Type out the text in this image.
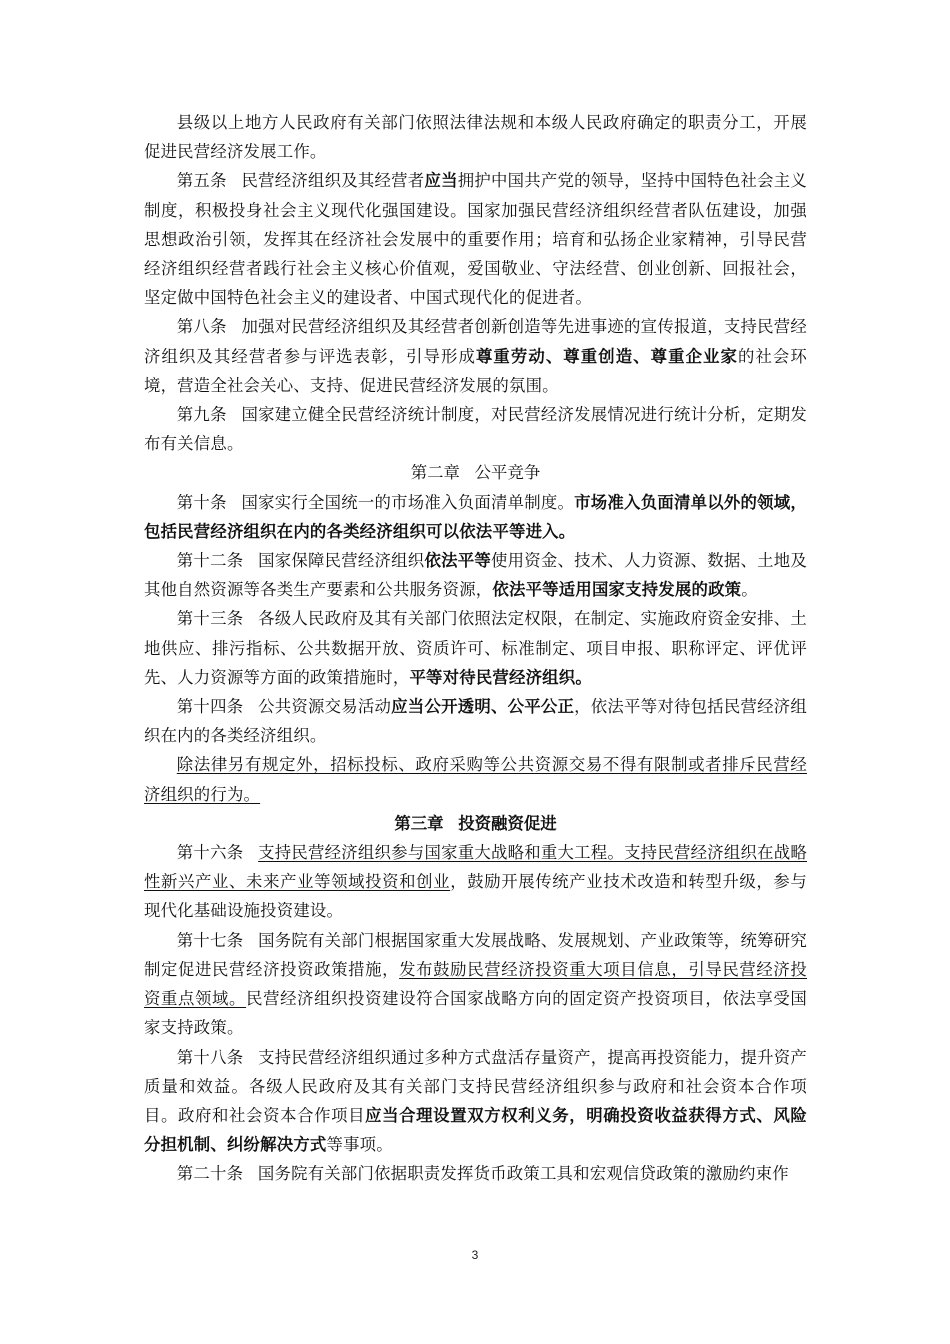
县级以上地方人民政府有关部门依照法律法规和本级人民政府确定的职责分工，开展促进民营经济发展工作。

第五条 民营经济组织及其经营者应当拥护中国共产党的领导，坚持中国特色社会主义制度，积极投身社会主义现代化强国建设。国家加强民营经济组织经营者队伍建设，加强思想政治引领，发挥其在经济社会发展中的重要作用；培育和弘扬企业家精神，引导民营经济组织经营者践行社会主义核心价值观，爱国敬业、守法经营、创业创新、回报社会，坚定做中国特色社会主义的建设者、中国式现代化的促进者。

第八条 加强对民营经济组织及其经营者创新创造等先进事迹的宣传报道，支持民营经济组织及其经营者参与评选表彰，引导形成尊重劳动、尊重创造、尊重企业家的社会环境，营造全社会关心、支持、促进民营经济发展的氛围。

第九条 国家建立健全民营经济统计制度，对民营经济发展情况进行统计分析，定期发布有关信息。

第二章 公平竞争

第十条 国家实行全国统一的市场准入负面清单制度。市场准入负面清单以外的领域，包括民营经济组织在内的各类经济组织可以依法平等进入。

第十二条 国家保障民营经济组织依法平等使用资金、技术、人力资源、数据、土地及其他自然资源等各类生产要素和公共服务资源，依法平等适用国家支持发展的政策。

第十三条 各级人民政府及其有关部门依照法定权限，在制定、实施政府资金安排、土地供应、排污指标、公共数据开放、资质许可、标准制定、项目申报、职称评定、评优评先、人力资源等方面的政策措施时，平等对待民营经济组织。

第十四条 公共资源交易活动应当公开透明、公平公正，依法平等对待包括民营经济组织在内的各类经济组织。

除法律另有规定外，招标投标、政府采购等公共资源交易不得有限制或者排斥民营经济组织的行为。

第三章 投资融资促进

第十六条 支持民营经济组织参与国家重大战略和重大工程。支持民营经济组织在战略性新兴产业、未来产业等领域投资和创业，鼓励开展传统产业技术改造和转型升级，参与现代化基础设施投资建设。

第十七条 国务院有关部门根据国家重大发展战略、发展规划、产业政策等，统筹研究制定促进民营经济投资政策措施，发布鼓励民营经济投资重大项目信息，引导民营经济投资重点领域。民营经济组织投资建设符合国家战略方向的固定资产投资项目，依法享受国家支持政策。

第十八条 支持民营经济组织通过多种方式盘活存量资产，提高再投资能力，提升资产质量和效益。各级人民政府及其有关部门支持民营经济组织参与政府和社会资本合作项目。政府和社会资本合作项目应当合理设置双方权利义务，明确投资收益获得方式、风险分担机制、纠纷解决方式等事项。

第二十条 国务院有关部门依据职责发挥货币政策工具和宏观信贷政策的激励约束作

3
